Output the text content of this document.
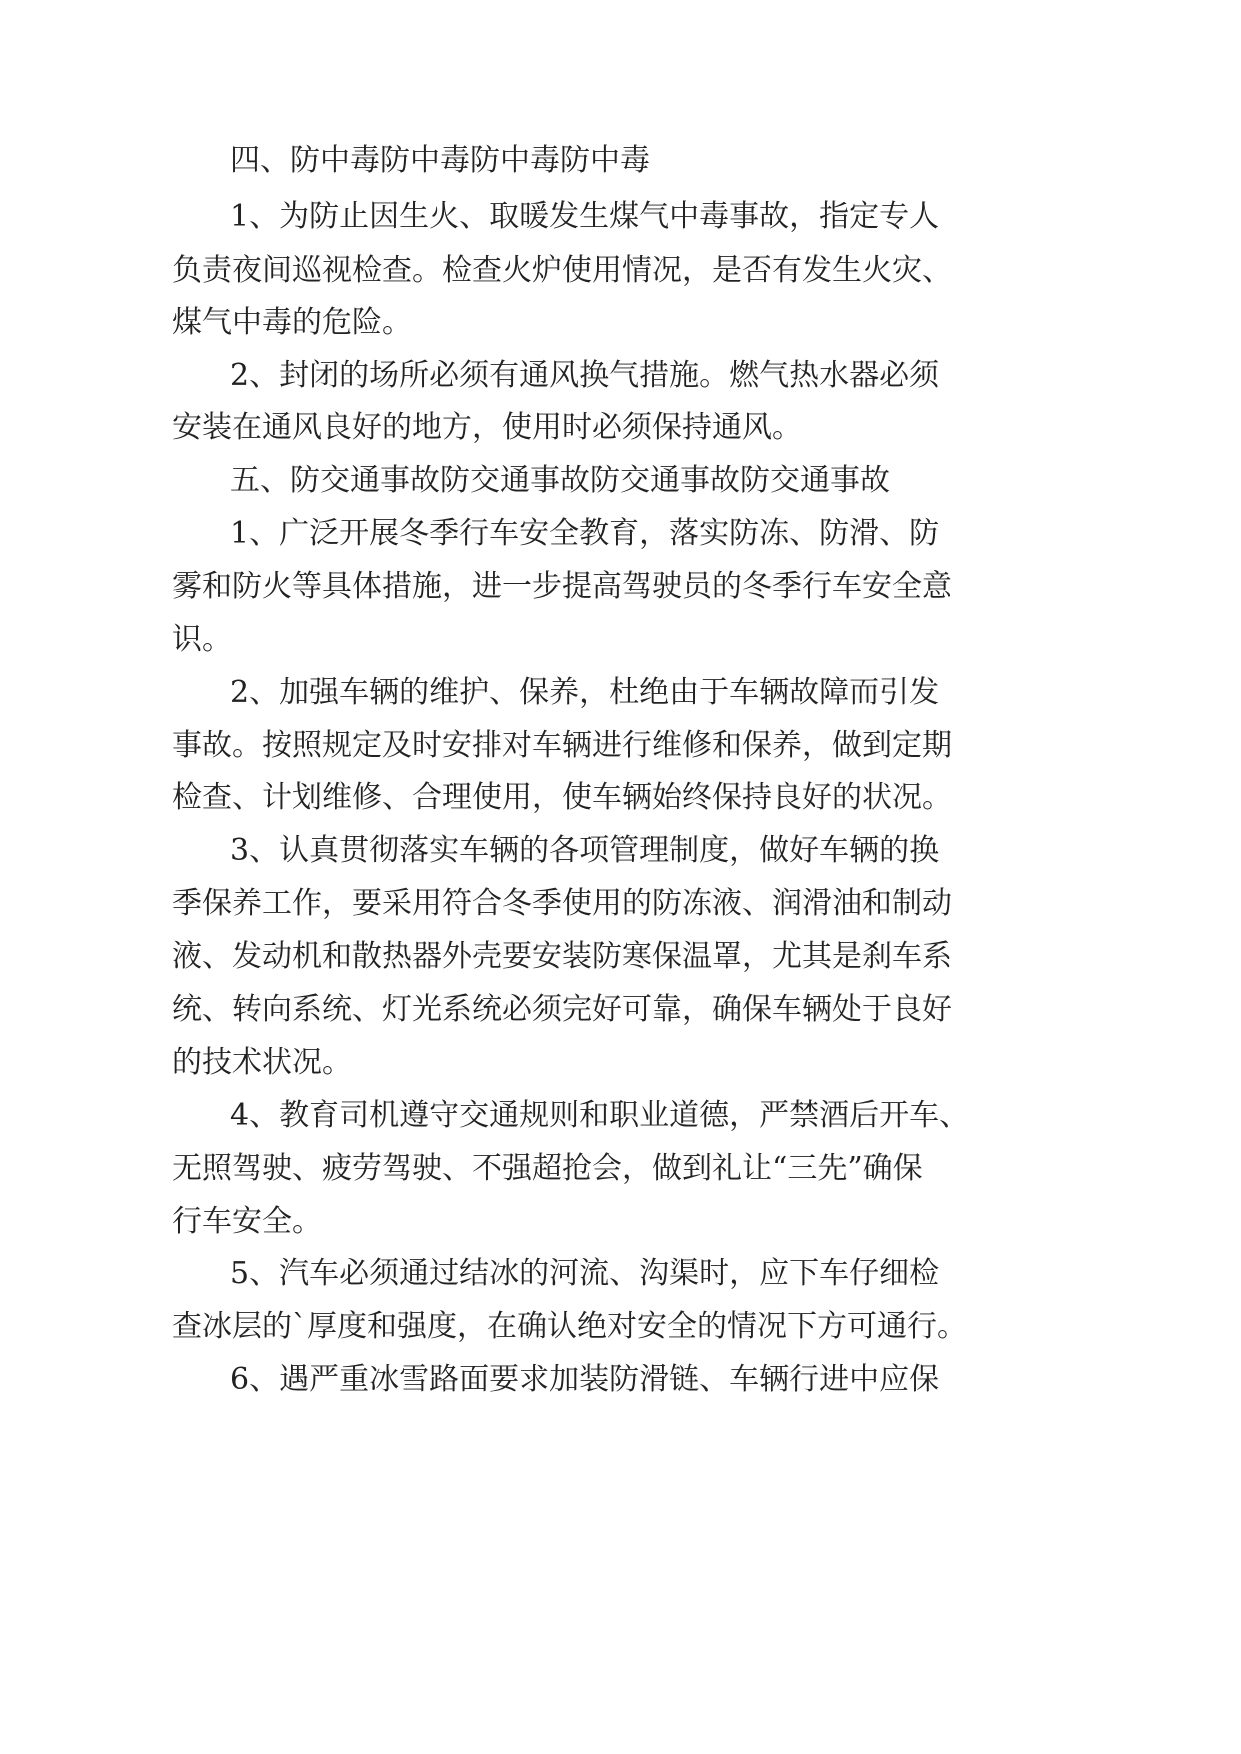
四、防中毒防中毒防中毒防中毒
1、为防止因生火、取暖发生煤气中毒事故，指定专人
负责夜间巡视检查。检查火炉使用情况，是否有发生火灾、
煤气中毒的危险。
2、封闭的场所必须有通风换气措施。燃气热水器必须
安装在通风良好的地方，使用时必须保持通风。
五、防交通事故防交通事故防交通事故防交通事故
1、广泛开展冬季行车安全教育，落实防冻、防滑、防
雾和防火等具体措施，进一步提高驾驶员的冬季行车安全意
识。
2、加强车辆的维护、保养，杜绝由于车辆故障而引发
事故。按照规定及时安排对车辆进行维修和保养，做到定期
检查、计划维修、合理使用，使车辆始终保持良好的状况。
3、认真贯彻落实车辆的各项管理制度，做好车辆的换
季保养工作，要采用符合冬季使用的防冻液、润滑油和制动
液、发动机和散热器外壳要安装防寒保温罩，尤其是刹车系
统、转向系统、灯光系统必须完好可靠，确保车辆处于良好
的技术状况。
4、教育司机遵守交通规则和职业道德，严禁酒后开车、
无照驾驶、疲劳驾驶、不强超抢会，做到礼让“三先”确保
行车安全。
5、汽车必须通过结冰的河流、沟渠时，应下车仔细检
查冰层的`厚度和强度，在确认绝对安全的情况下方可通行。
6、遇严重冰雪路面要求加装防滑链、车辆行进中应保
